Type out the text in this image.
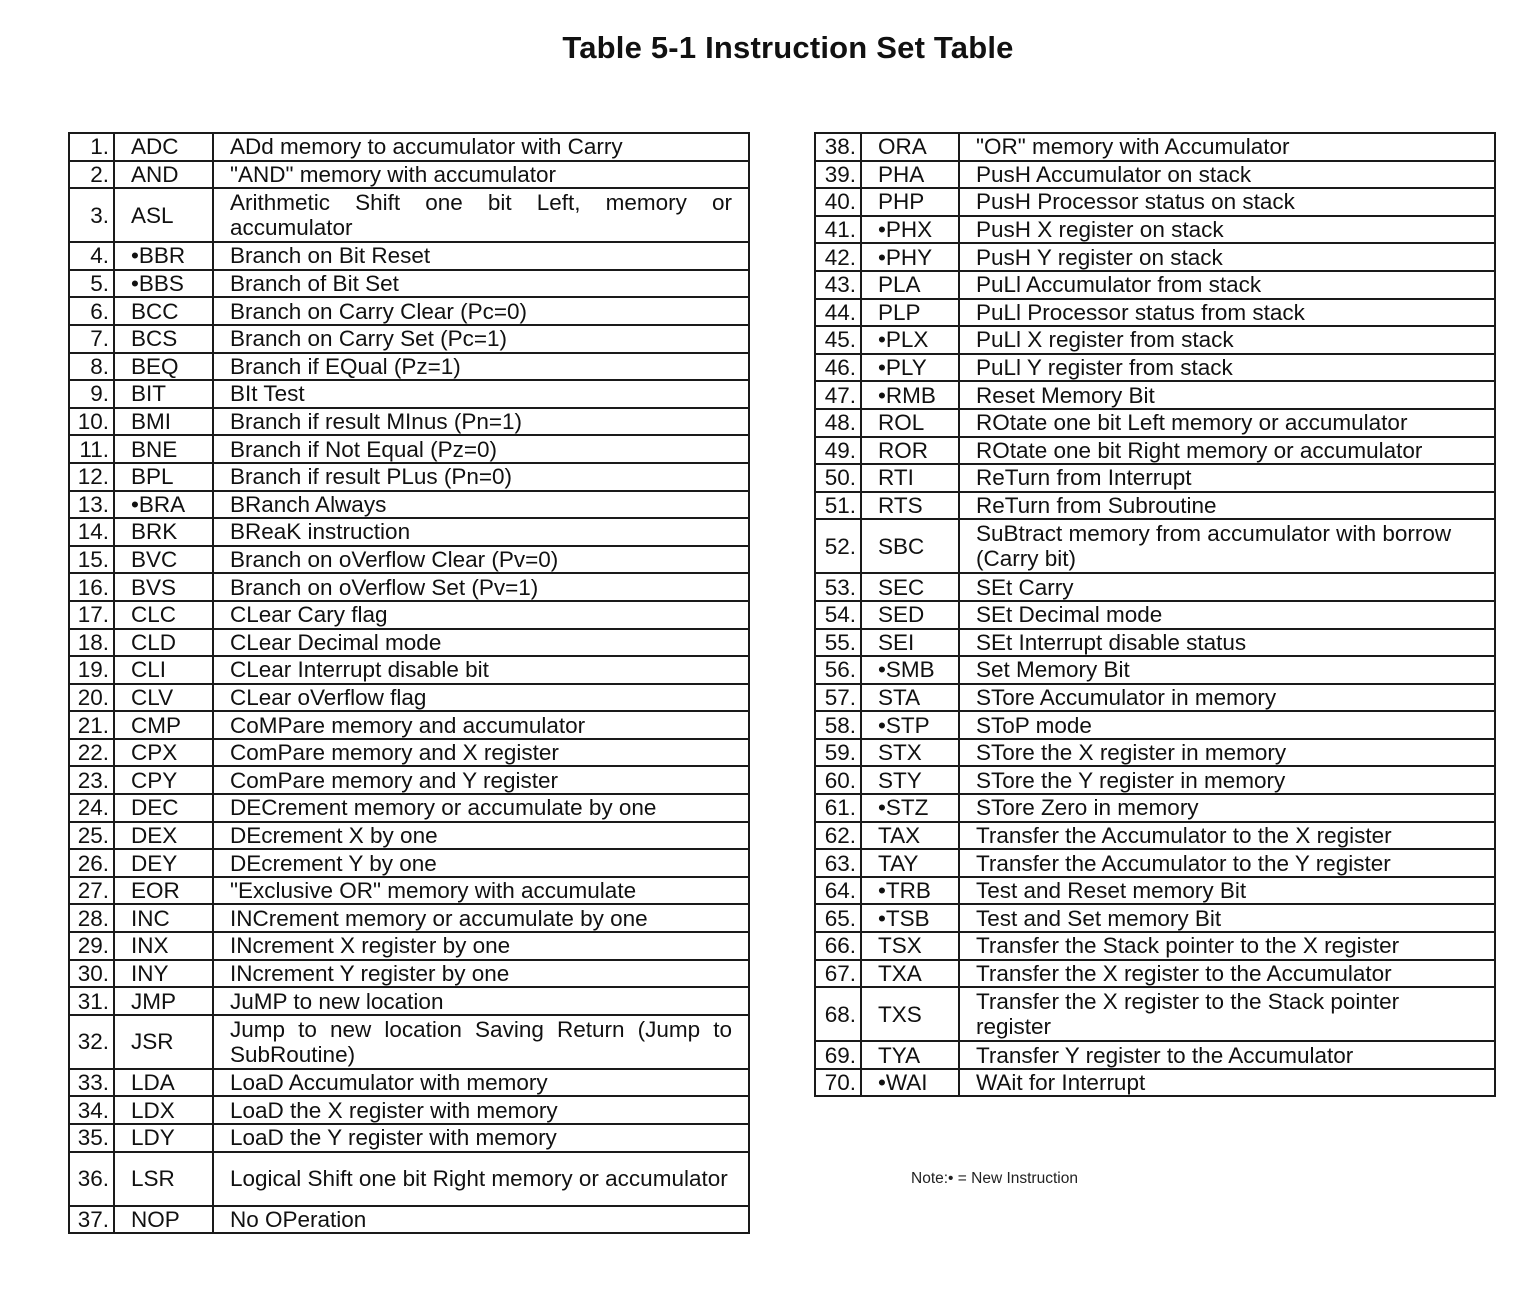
Table 5-1 Instruction Set Table
1.	ADC	ADd memory to accumulator with Carry
2.	AND	"AND" memory with accumulator
3.	ASL	Arithmetic Shift one bit Left, memory or accumulator
4.	•BBR	Branch on Bit Reset
5.	•BBS	Branch of Bit Set
6.	BCC	Branch on Carry Clear (Pc=0)
7.	BCS	Branch on Carry Set (Pc=1)
8.	BEQ	Branch if EQual (Pz=1)
9.	BIT	BIt Test
10.	BMI	Branch if result MInus (Pn=1)
11.	BNE	Branch if Not Equal (Pz=0)
12.	BPL	Branch if result PLus (Pn=0)
13.	•BRA	BRanch Always
14.	BRK	BReaK instruction
15.	BVC	Branch on oVerflow Clear (Pv=0)
16.	BVS	Branch on oVerflow Set (Pv=1)
17.	CLC	CLear Cary flag
18.	CLD	CLear Decimal mode
19.	CLI	CLear Interrupt disable bit
20.	CLV	CLear oVerflow flag
21.	CMP	CoMPare memory and accumulator
22.	CPX	ComPare memory and X register
23.	CPY	ComPare memory and Y register
24.	DEC	DECrement memory or accumulate by one
25.	DEX	DEcrement X by one
26.	DEY	DEcrement Y by one
27.	EOR	"Exclusive OR" memory with accumulate
28.	INC	INCrement memory or accumulate by one
29.	INX	INcrement X register by one
30.	INY	INcrement Y register by one
31.	JMP	JuMP to new location
32.	JSR	Jump to new location Saving Return (Jump to SubRoutine)
33.	LDA	LoaD Accumulator with memory
34.	LDX	LoaD the X register with memory
35.	LDY	LoaD the Y register with memory
36.	LSR	Logical Shift one bit Right memory or accumulator
37.	NOP	No OPeration
38.	ORA	"OR" memory with Accumulator
39.	PHA	PusH Accumulator on stack
40.	PHP	PusH Processor status on stack
41.	•PHX	PusH X register on stack
42.	•PHY	PusH Y register on stack
43.	PLA	PuLl Accumulator from stack
44.	PLP	PuLl Processor status from stack
45.	•PLX	PuLl X register from stack
46.	•PLY	PuLl Y register from stack
47.	•RMB	Reset Memory Bit
48.	ROL	ROtate one bit Left memory or accumulator
49.	ROR	ROtate one bit Right memory or accumulator
50.	RTI	ReTurn from Interrupt
51.	RTS	ReTurn from Subroutine
52.	SBC	SuBtract memory from accumulator with borrow (Carry bit)
53.	SEC	SEt Carry
54.	SED	SEt Decimal mode
55.	SEI	SEt Interrupt disable status
56.	•SMB	Set Memory Bit
57.	STA	STore Accumulator in memory
58.	•STP	SToP mode
59.	STX	STore the X register in memory
60.	STY	STore the Y register in memory
61.	•STZ	STore Zero in memory
62.	TAX	Transfer the Accumulator to the X register
63.	TAY	Transfer the Accumulator to the Y register
64.	•TRB	Test and Reset memory Bit
65.	•TSB	Test and Set memory Bit
66.	TSX	Transfer the Stack pointer to the X register
67.	TXA	Transfer the X register to the Accumulator
68.	TXS	Transfer the X register to the Stack pointer register
69.	TYA	Transfer Y register to the Accumulator
70.	•WAI	WAit for Interrupt
Note:• = New Instruction
